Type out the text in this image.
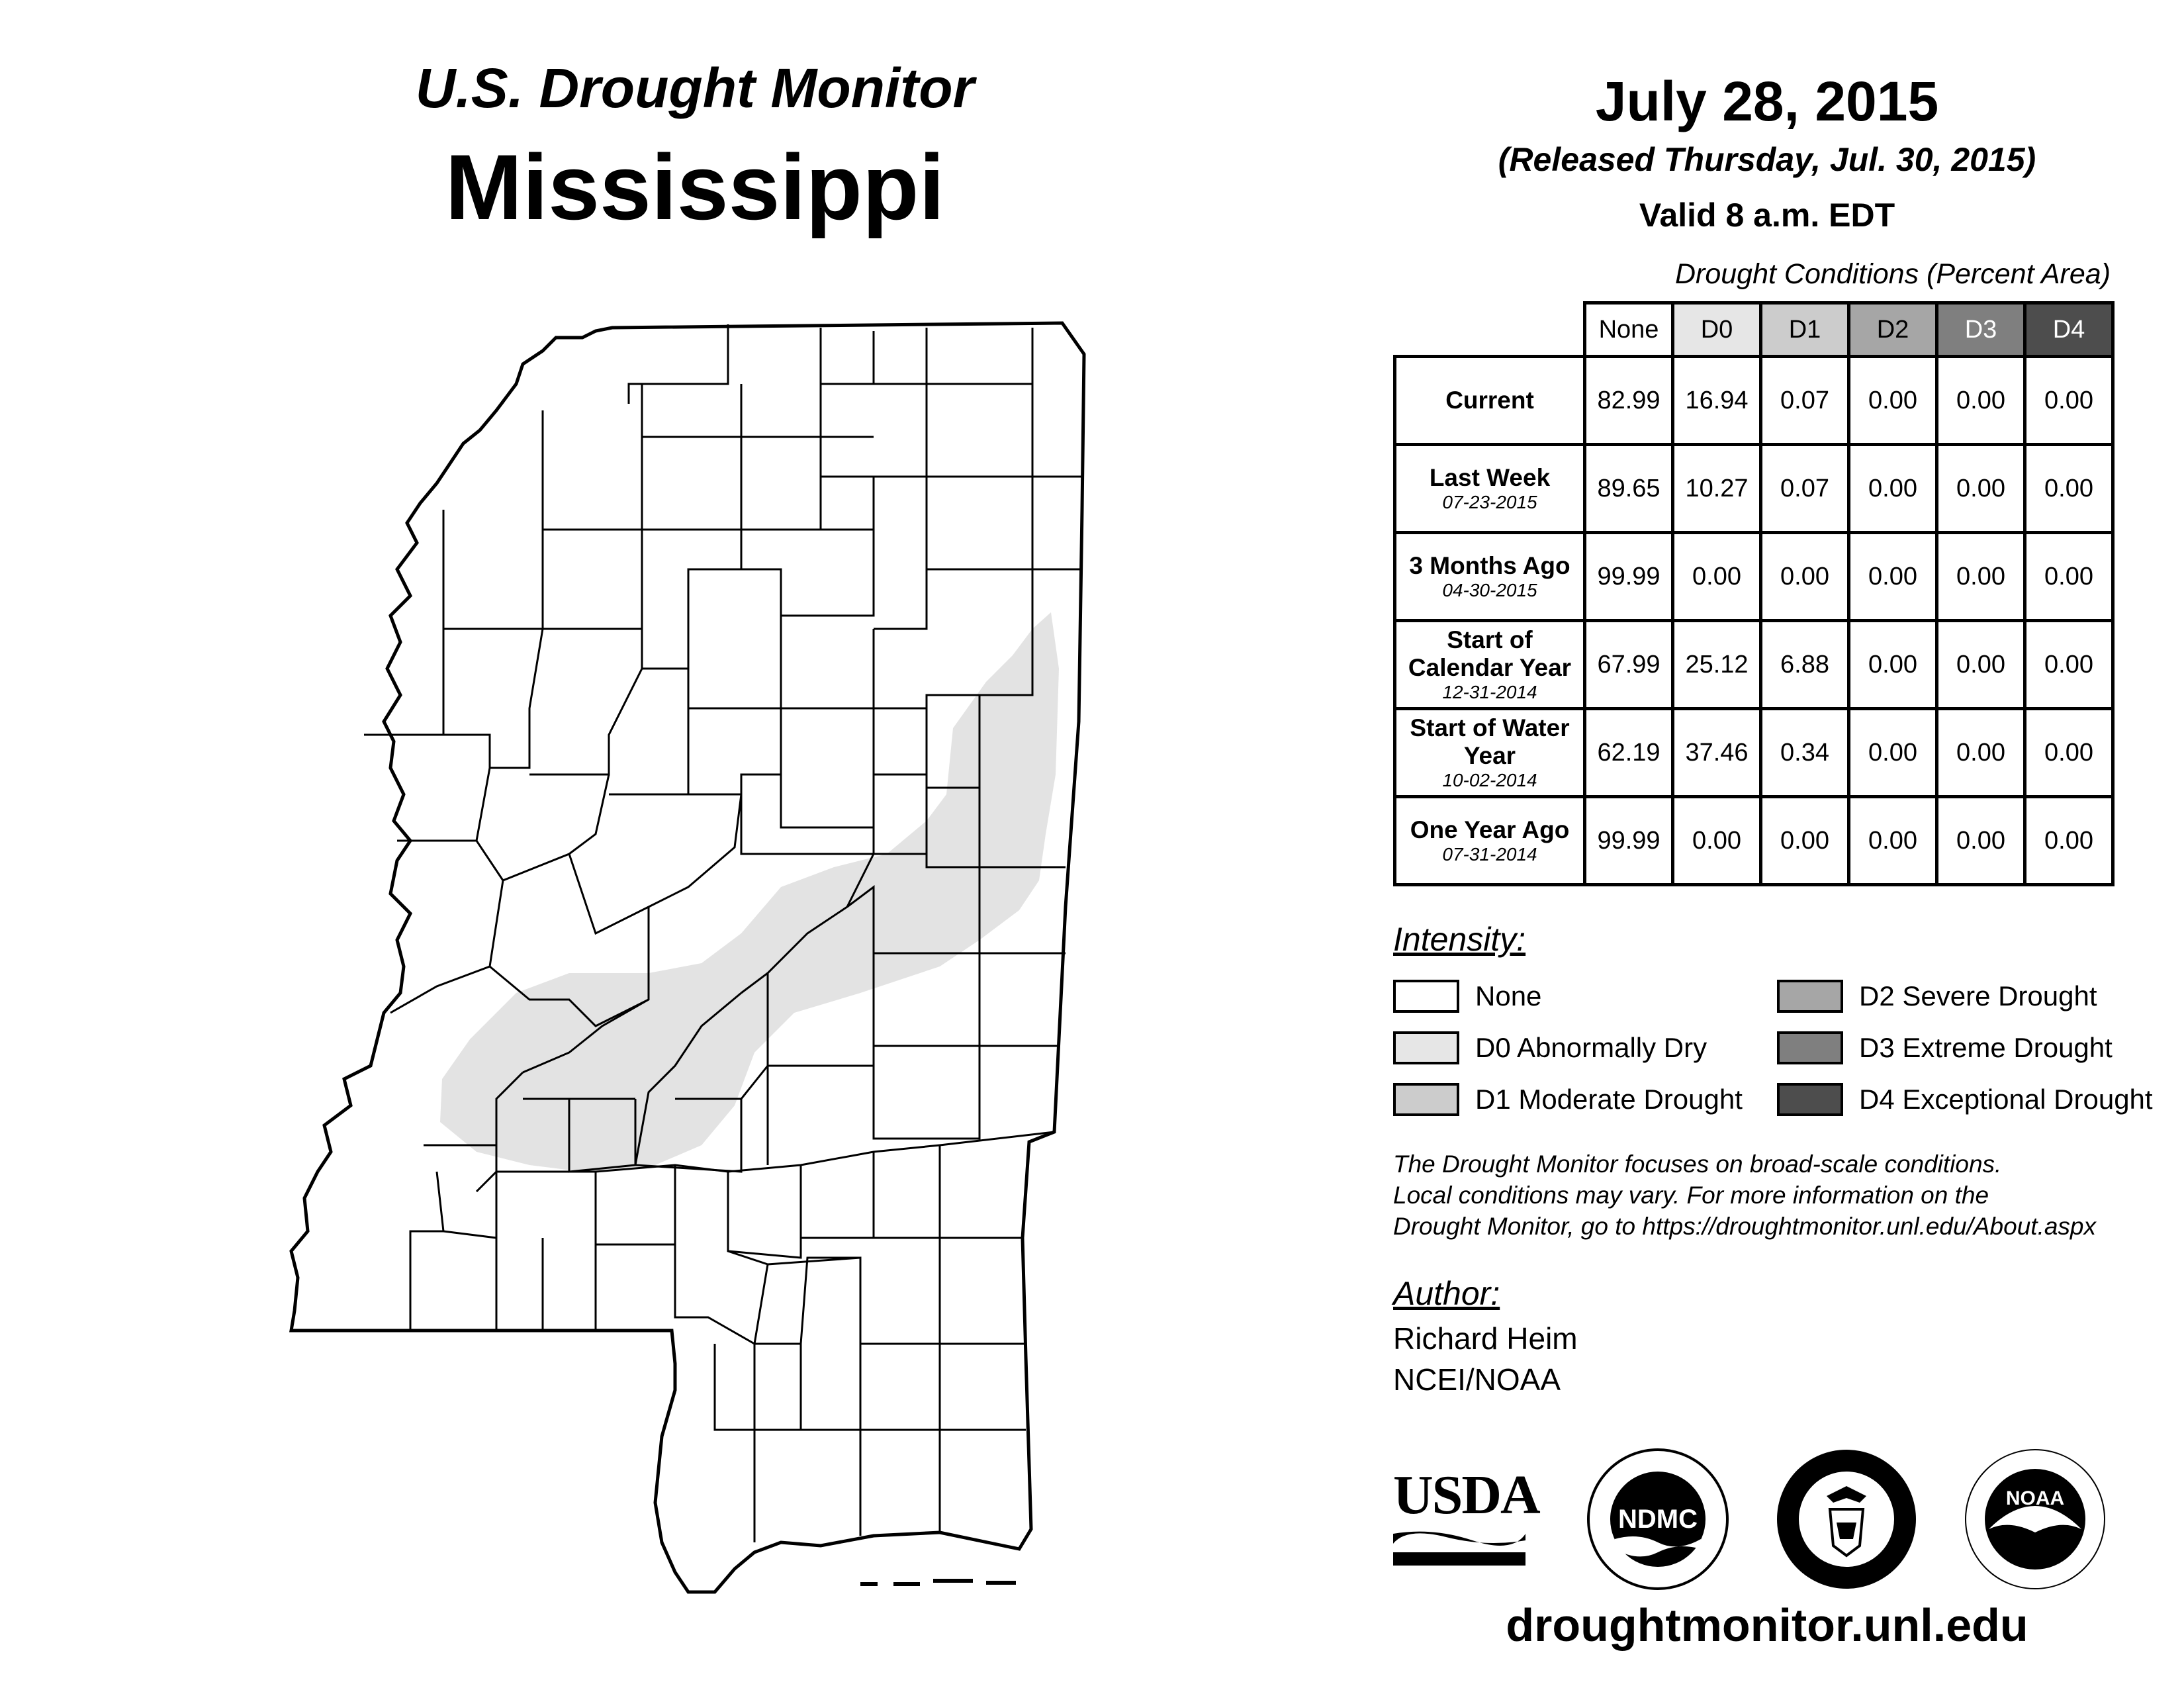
U.S. Drought Monitor
Mississippi
July 28, 2015
(Released Thursday, Jul. 30, 2015)
Valid 8 a.m. EDT
Drought Conditions (Percent Area)
	None	D0	D1	D2	D3	D4
Current	82.99	16.94	0.07	0.00	0.00	0.00
Last Week
07-23-2015	89.65	10.27	0.07	0.00	0.00	0.00
3 Months Ago
04-30-2015	99.99	0.00	0.00	0.00	0.00	0.00
Start of Calendar Year
12-31-2014	67.99	25.12	6.88	0.00	0.00	0.00
Start of Water Year
10-02-2014	62.19	37.46	0.34	0.00	0.00	0.00
One Year Ago
07-31-2014	99.99	0.00	0.00	0.00	0.00	0.00
Intensity:
None
D0 Abnormally Dry
D1 Moderate Drought
D2 Severe Drought
D3 Extreme Drought
D4 Exceptional Drought
The Drought Monitor focuses on broad-scale conditions.
Local conditions may vary. For more information on the
Drought Monitor, go to https://droughtmonitor.unl.edu/About.aspx
Author:
Richard Heim
NCEI/NOAA
USDA	NDMC
NOAA
droughtmonitor.unl.edu
